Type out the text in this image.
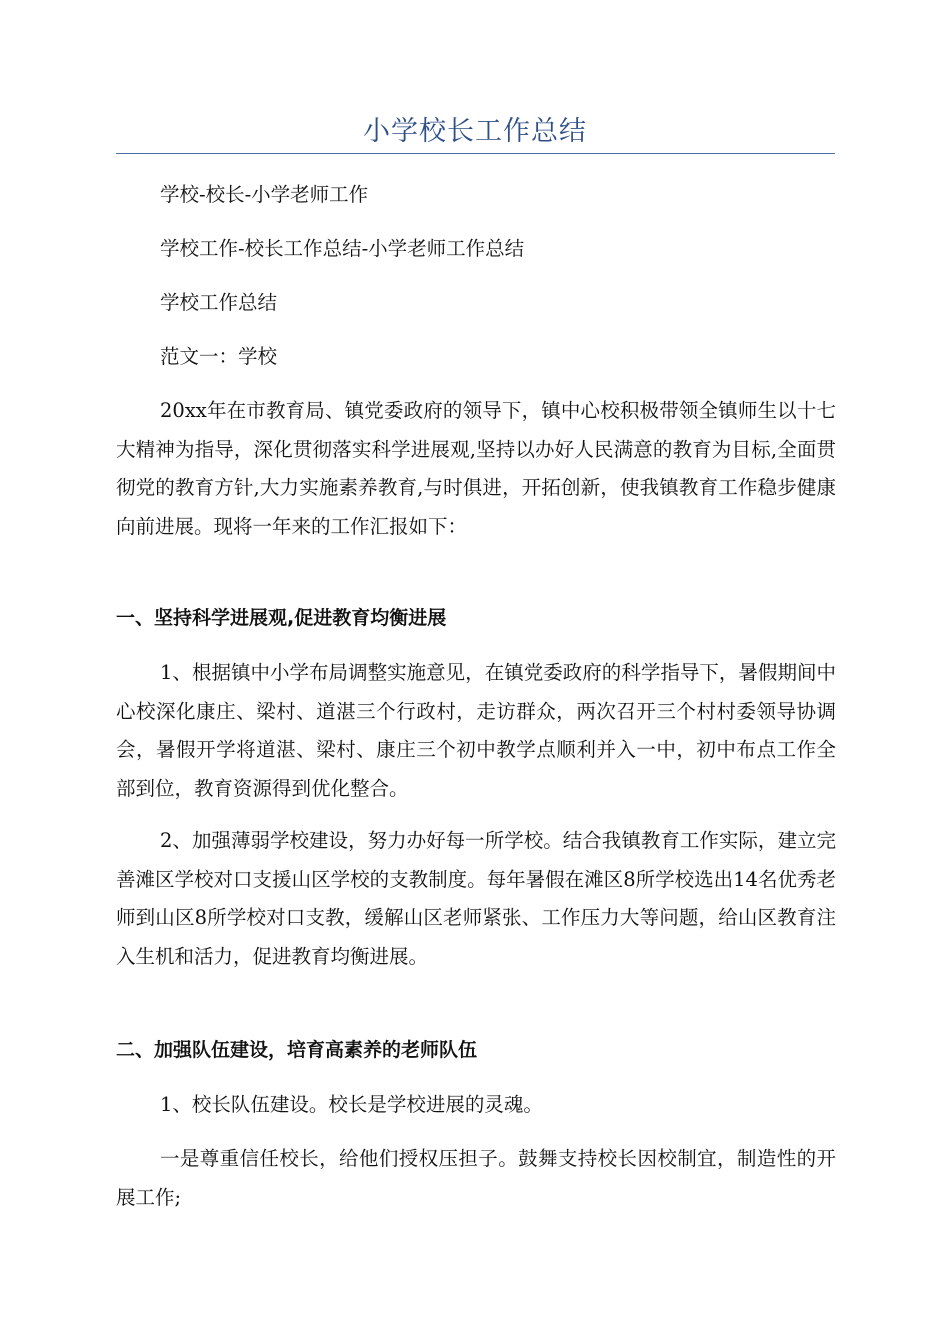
小学校长工作总结

学校-校长-小学老师工作

学校工作-校长工作总结-小学老师工作总结

学校工作总结

范文一：学校

20xx年在市教育局、镇党委政府的领导下，镇中心校积极带领全镇师生以十七大精神为指导，深化贯彻落实科学进展观,坚持以办好人民满意的教育为目标,全面贯彻党的教育方针,大力实施素养教育,与时俱进，开拓创新，使我镇教育工作稳步健康向前进展。现将一年来的工作汇报如下：

一、坚持科学进展观,促进教育均衡进展

1、根据镇中小学布局调整实施意见，在镇党委政府的科学指导下，暑假期间中心校深化康庄、梁村、道湛三个行政村，走访群众，两次召开三个村村委领导协调会，暑假开学将道湛、梁村、康庄三个初中教学点顺利并入一中，初中布点工作全部到位，教育资源得到优化整合。

2、加强薄弱学校建设，努力办好每一所学校。结合我镇教育工作实际，建立完善滩区学校对口支援山区学校的支教制度。每年暑假在滩区8所学校选出14名优秀老师到山区8所学校对口支教，缓解山区老师紧张、工作压力大等问题，给山区教育注入生机和活力，促进教育均衡进展。

二、加强队伍建设，培育高素养的老师队伍

1、校长队伍建设。校长是学校进展的灵魂。

一是尊重信任校长，给他们授权压担子。鼓舞支持校长因校制宜，制造性的开展工作;
